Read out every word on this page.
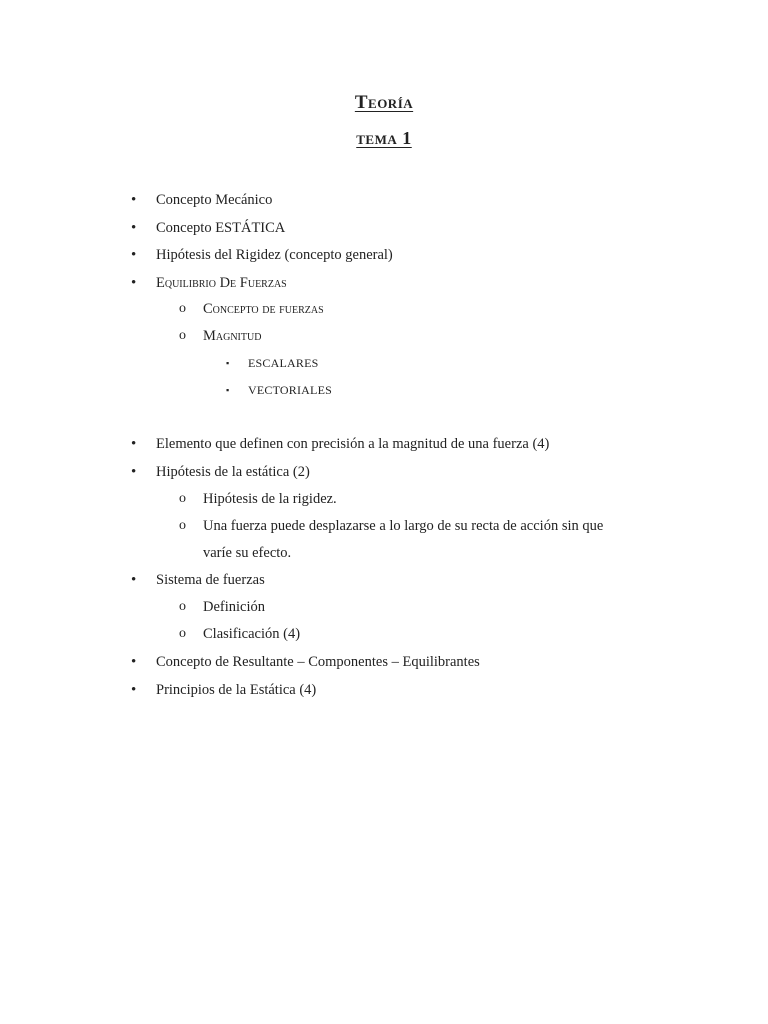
Teoría
tema 1
• Concepto Mecánico
• Concepto ESTÁTICA
• Hipótesis del Rigidez (concepto general)
• Equilibrio De Fuerzas
o Concepto de fuerzas
o Magnitud
▪ ESCALARES
▪ VECTORIALES
• Elemento que definen con precisión a la magnitud de una fuerza (4)
• Hipótesis de la estática (2)
o Hipótesis de la rigidez.
o Una fuerza puede desplazarse a lo largo de su recta de acción sin que
varíe su efecto.
• Sistema de fuerzas
o Definición
o Clasificación (4)
• Concepto de Resultante – Componentes – Equilibrantes
• Principios de la Estática (4)
